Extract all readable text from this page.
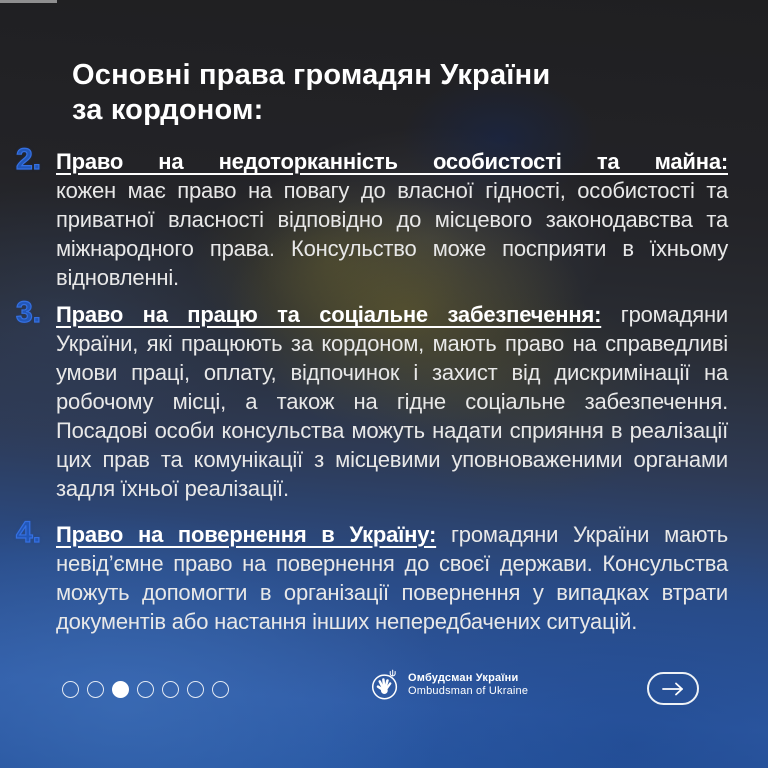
Основні права громадян України
за кордоном:
2. Право на недоторканність особистості та майна:
кожен має право на повагу до власної гідності, особистості та приватної власності відповідно до місцевого законодавства та міжнародного права. Консульство може посприяти в їхньому відновленні.
3. Право на працю та соціальне забезпечення: громадяни України, які працюють за кордоном, мають право на справедливі умови праці, оплату, відпочинок і захист від дискримінації на робочому місці, а також на гідне соціальне забезпечення. Посадові особи консульства можуть надати сприяння в реалізації цих прав та комунікації з місцевими уповноваженими органами задля їхньої реалізації.
4. Право на повернення в Україну: громадяни України мають невід’ємне право на повернення до своєї держави. Консульства можуть допомогти в організації повернення у випадках втрати документів або настання інших непередбачених ситуацій.
Омбудсман України
Ombudsman of Ukraine
